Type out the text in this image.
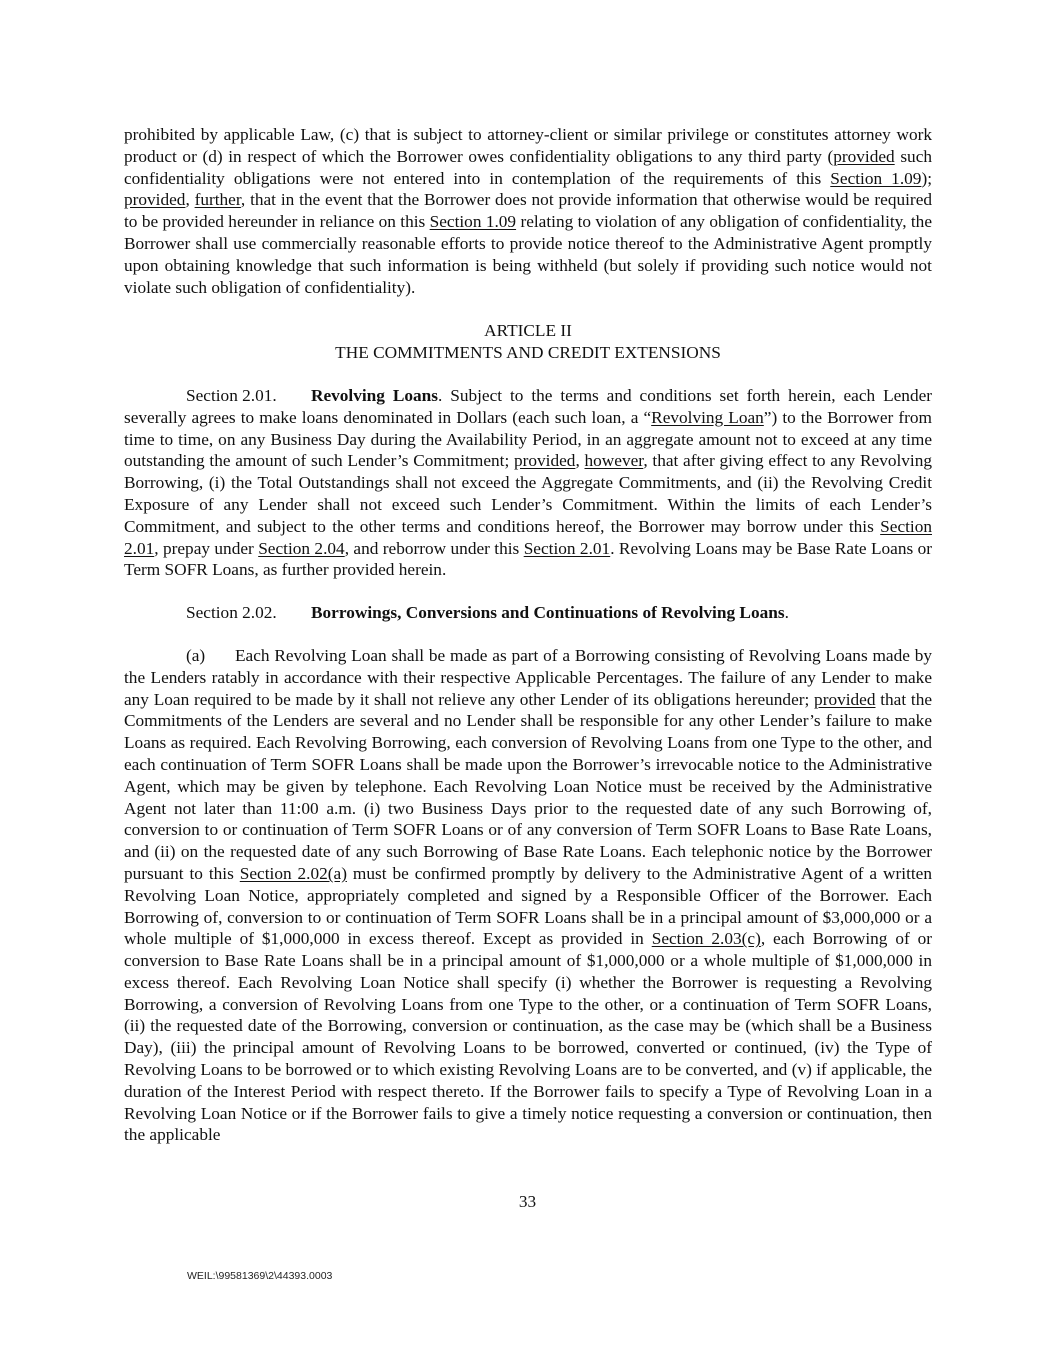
prohibited by applicable Law, (c) that is subject to attorney-client or similar privilege or constitutes attorney work product or (d) in respect of which the Borrower owes confidentiality obligations to any third party (provided such confidentiality obligations were not entered into in contemplation of the requirements of this Section 1.09); provided, further, that in the event that the Borrower does not provide information that otherwise would be required to be provided hereunder in reliance on this Section 1.09 relating to violation of any obligation of confidentiality, the Borrower shall use commercially reasonable efforts to provide notice thereof to the Administrative Agent promptly upon obtaining knowledge that such information is being withheld (but solely if providing such notice would not violate such obligation of confidentiality).

ARTICLE II
THE COMMITMENTS AND CREDIT EXTENSIONS

Section 2.01. Revolving Loans. Subject to the terms and conditions set forth herein, each Lender severally agrees to make loans denominated in Dollars (each such loan, a “Revolving Loan”) to the Borrower from time to time, on any Business Day during the Availability Period, in an aggregate amount not to exceed at any time outstanding the amount of such Lender’s Commitment; provided, however, that after giving effect to any Revolving Borrowing, (i) the Total Outstandings shall not exceed the Aggregate Commitments, and (ii) the Revolving Credit Exposure of any Lender shall not exceed such Lender’s Commitment. Within the limits of each Lender’s Commitment, and subject to the other terms and conditions hereof, the Borrower may borrow under this Section 2.01, prepay under Section 2.04, and reborrow under this Section 2.01. Revolving Loans may be Base Rate Loans or Term SOFR Loans, as further provided herein.

Section 2.02. Borrowings, Conversions and Continuations of Revolving Loans.

(a) Each Revolving Loan shall be made as part of a Borrowing consisting of Revolving Loans made by the Lenders ratably in accordance with their respective Applicable Percentages. The failure of any Lender to make any Loan required to be made by it shall not relieve any other Lender of its obligations hereunder; provided that the Commitments of the Lenders are several and no Lender shall be responsible for any other Lender’s failure to make Loans as required. Each Revolving Borrowing, each conversion of Revolving Loans from one Type to the other, and each continuation of Term SOFR Loans shall be made upon the Borrower’s irrevocable notice to the Administrative Agent, which may be given by telephone. Each Revolving Loan Notice must be received by the Administrative Agent not later than 11:00 a.m. (i) two Business Days prior to the requested date of any such Borrowing of, conversion to or continuation of Term SOFR Loans or of any conversion of Term SOFR Loans to Base Rate Loans, and (ii) on the requested date of any such Borrowing of Base Rate Loans. Each telephonic notice by the Borrower pursuant to this Section 2.02(a) must be confirmed promptly by delivery to the Administrative Agent of a written Revolving Loan Notice, appropriately completed and signed by a Responsible Officer of the Borrower. Each Borrowing of, conversion to or continuation of Term SOFR Loans shall be in a principal amount of $3,000,000 or a whole multiple of $1,000,000 in excess thereof. Except as provided in Section 2.03(c), each Borrowing of or conversion to Base Rate Loans shall be in a principal amount of $1,000,000 or a whole multiple of $1,000,000 in excess thereof. Each Revolving Loan Notice shall specify (i) whether the Borrower is requesting a Revolving Borrowing, a conversion of Revolving Loans from one Type to the other, or a continuation of Term SOFR Loans, (ii) the requested date of the Borrowing, conversion or continuation, as the case may be (which shall be a Business Day), (iii) the principal amount of Revolving Loans to be borrowed, converted or continued, (iv) the Type of Revolving Loans to be borrowed or to which existing Revolving Loans are to be converted, and (v) if applicable, the duration of the Interest Period with respect thereto. If the Borrower fails to specify a Type of Revolving Loan in a Revolving Loan Notice or if the Borrower fails to give a timely notice requesting a conversion or continuation, then the applicable

33
WEIL:\99581369\2\44393.0003
